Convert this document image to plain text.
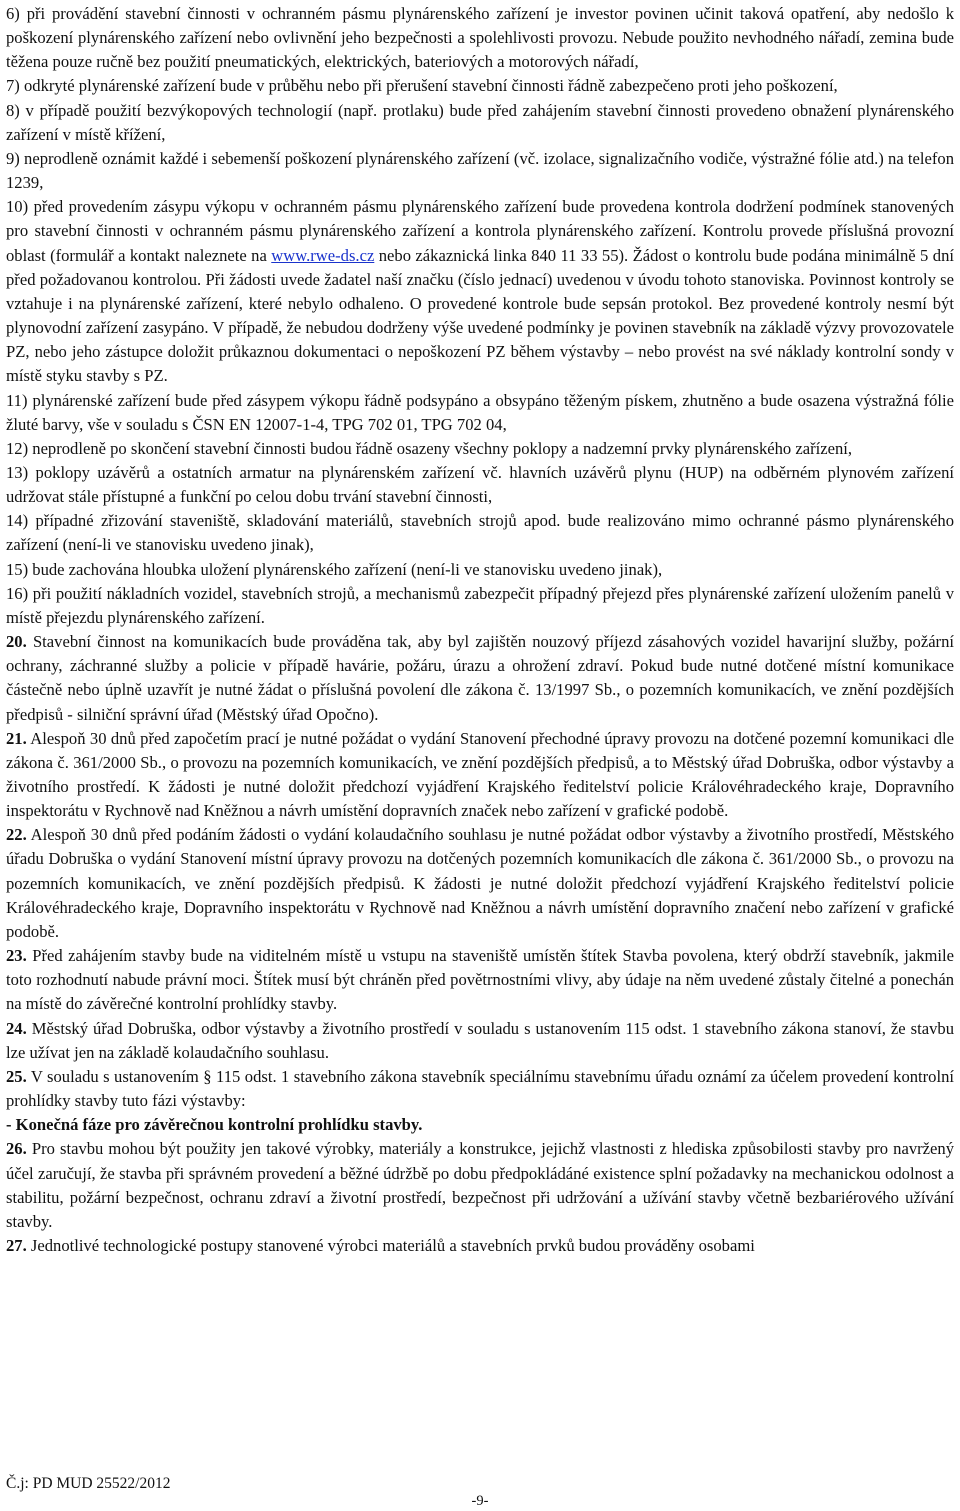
6) při provádění stavební činnosti v ochranném pásmu plynárenského zařízení je investor povinen učinit taková opatření, aby nedošlo k poškození plynárenského zařízení nebo ovlivnění jeho bezpečnosti a spolehlivosti provozu. Nebude použito nevhodného nářadí, zemina bude těžena pouze ručně bez použití pneumatických, elektrických, bateriových a motorových nářadí,

7) odkryté plynárenské zařízení bude v průběhu nebo při přerušení stavební činnosti řádně zabezpečeno proti jeho poškození,

8) v případě použití bezvýkopových technologií (např. protlaku) bude před zahájením stavební činnosti provedeno obnažení plynárenského zařízení v místě křížení,

9) neprodleně oznámit každé i sebemenší poškození plynárenského zařízení (vč. izolace, signalizačního vodiče, výstražné fólie atd.) na telefon 1239,

10) před provedením zásypu výkopu v ochranném pásmu plynárenského zařízení bude provedena kontrola dodržení podmínek stanovených pro stavební činnosti v ochranném pásmu plynárenského zařízení a kontrola plynárenského zařízení. Kontrolu provede příslušná provozní oblast (formulář a kontakt naleznete na www.rwe-ds.cz nebo zákaznická linka 840 11 33 55). Žádost o kontrolu bude podána minimálně 5 dní před požadovanou kontrolou. Při žádosti uvede žadatel naší značku (číslo jednací) uvedenou v úvodu tohoto stanoviska. Povinnost kontroly se vztahuje i na plynárenské zařízení, které nebylo odhaleno. O provedené kontrole bude sepsán protokol. Bez provedené kontroly nesmí být plynovodní zařízení zasypáno. V případě, že nebudou dodrženy výše uvedené podmínky je povinen stavebník na základě výzvy provozovatele PZ, nebo jeho zástupce doložit průkaznou dokumentaci o nepoškození PZ během výstavby – nebo provést na své náklady kontrolní sondy v místě styku stavby s PZ.

11) plynárenské zařízení bude před zásypem výkopu řádně podsypáno a obsypáno těženým pískem, zhutněno a bude osazena výstražná fólie žluté barvy, vše v souladu s ČSN EN 12007-1-4, TPG 702 01, TPG 702 04,

12) neprodleně po skončení stavební činnosti budou řádně osazeny všechny poklopy a nadzemní prvky plynárenského zařízení,

13) poklopy uzávěrů a ostatních armatur na plynárenském zařízení vč. hlavních uzávěrů plynu (HUP) na odběrném plynovém zařízení udržovat stále přístupné a funkční po celou dobu trvání stavební činnosti,

14) případné zřizování staveniště, skladování materiálů, stavebních strojů apod. bude realizováno mimo ochranné pásmo plynárenského zařízení (není-li ve stanovisku uvedeno jinak),

15) bude zachována hloubka uložení plynárenského zařízení (není-li ve stanovisku uvedeno jinak),

16) při použití nákladních vozidel, stavebních strojů, a mechanismů zabezpečit případný přejezd přes plynárenské zařízení uložením panelů v místě přejezdu plynárenského zařízení.

20. Stavební činnost na komunikacích bude prováděna tak, aby byl zajištěn nouzový příjezd zásahových vozidel havarijní služby, požární ochrany, záchranné služby a policie v případě havárie, požáru, úrazu a ohrožení zdraví. Pokud bude nutné dotčené místní komunikace částečně nebo úplně uzavřít je nutné žádat o příslušná povolení dle zákona č. 13/1997 Sb., o pozemních komunikacích, ve znění pozdějších předpisů - silniční správní úřad (Městský úřad Opočno).

21. Alespoň 30 dnů před započetím prací je nutné požádat o vydání Stanovení přechodné úpravy provozu na dotčené pozemní komunikaci dle zákona č. 361/2000 Sb., o provozu na pozemních komunikacích, ve znění pozdějších předpisů, a to Městský úřad Dobruška, odbor výstavby a životního prostředí. K žádosti je nutné doložit předchozí vyjádření Krajského ředitelství policie Královéhradeckého kraje, Dopravního inspektorátu v Rychnově nad Kněžnou a návrh umístění dopravních značek nebo zařízení v grafické podobě.

22. Alespoň 30 dnů před podáním žádosti o vydání kolaudačního souhlasu je nutné požádat odbor výstavby a životního prostředí, Městského úřadu Dobruška o vydání Stanovení místní úpravy provozu na dotčených pozemních komunikacích dle zákona č. 361/2000 Sb., o provozu na pozemních komunikacích, ve znění pozdějších předpisů. K žádosti je nutné doložit předchozí vyjádření Krajského ředitelství policie Královéhradeckého kraje, Dopravního inspektorátu v Rychnově nad Kněžnou a návrh umístění dopravního značení nebo zařízení v grafické podobě.

23. Před zahájením stavby bude na viditelném místě u vstupu na staveniště umístěn štítek Stavba povolena, který obdrží stavebník, jakmile toto rozhodnutí nabude právní moci. Štítek musí být chráněn před povětrnostními vlivy, aby údaje na něm uvedené zůstaly čitelné a ponechán na místě do závěrečné kontrolní prohlídky stavby.

24. Městský úřad Dobruška, odbor výstavby a životního prostředí v souladu s ustanovením 115 odst. 1 stavebního zákona stanoví, že stavbu lze užívat jen na základě kolaudačního souhlasu.

25. V souladu s ustanovením § 115 odst. 1 stavebního zákona stavebník speciálnímu stavebnímu úřadu oznámí za účelem provedení kontrolní prohlídky stavby tuto fázi výstavby:

- Konečná fáze pro závěrečnou kontrolní prohlídku stavby.

26. Pro stavbu mohou být použity jen takové výrobky, materiály a konstrukce, jejichž vlastnosti z hlediska způsobilosti stavby pro navržený účel zaručují, že stavba při správném provedení a běžné údržbě po dobu předpokládáné existence splní požadavky na mechanickou odolnost a stabilitu, požární bezpečnost, ochranu zdraví a životní prostředí, bezpečnost při udržování a užívání stavby včetně bezbariérového užívání stavby.

27. Jednotlivé technologické postupy stanovené výrobci materiálů a stavebních prvků budou prováděny osobami

Č.j: PD MUD 25522/2012
-9-
